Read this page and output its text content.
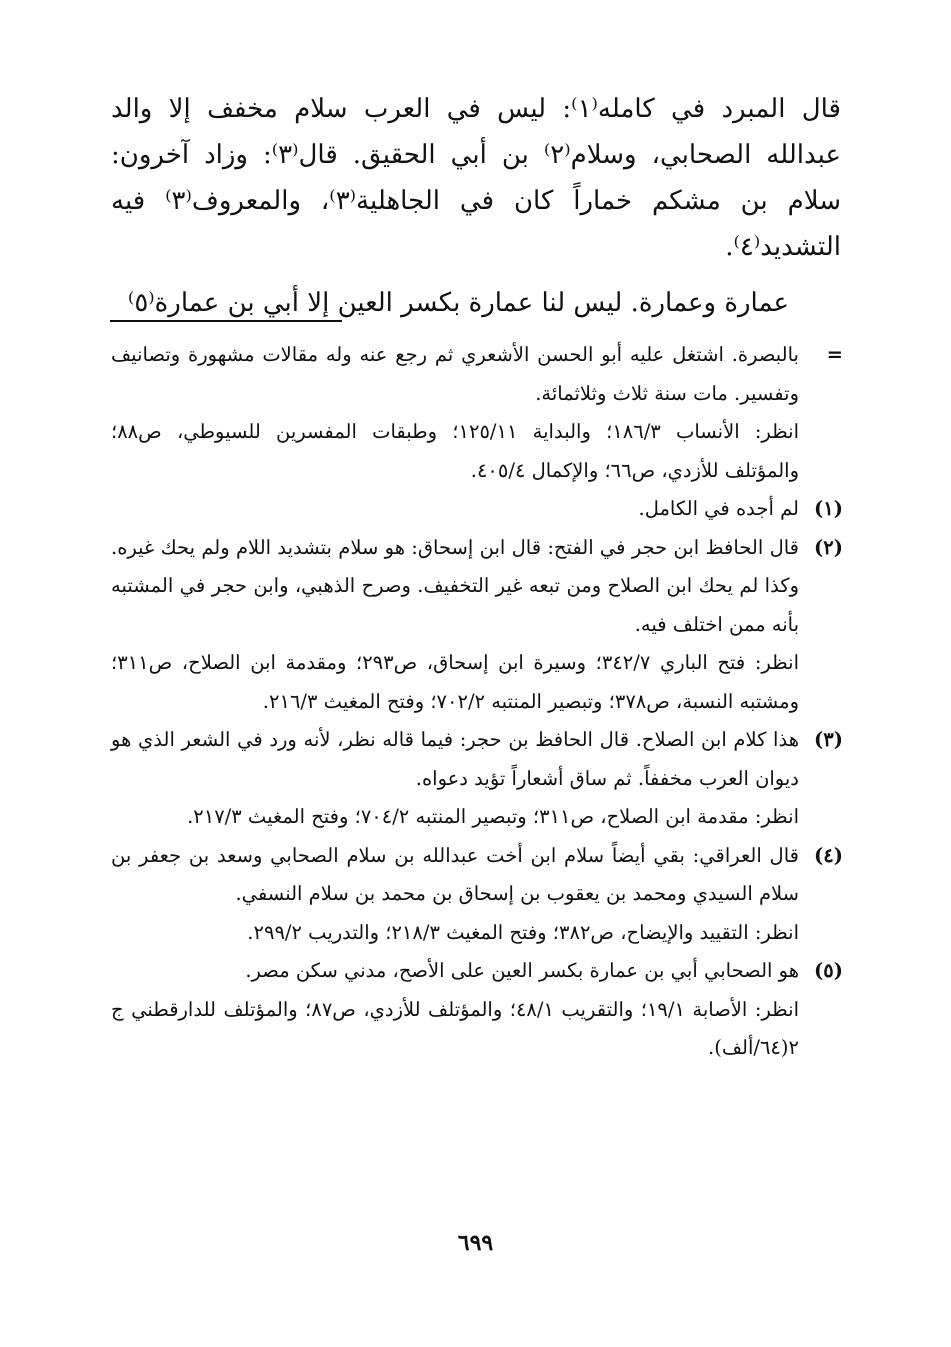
قال المبرد في كامله⁽١⁾: ليس في العرب سلام مخفف إلا والد عبدالله الصحابي، وسلام⁽٢⁾ بن أبي الحقيق. قال⁽٣⁾: وزاد آخرون: سلام بن مشكم خماراً كان في الجاهلية⁽٣⁾، والمعروف⁽٣⁾ فيه التشديد⁽٤⁾.

عمارة وعمارة. ليس لنا عمارة بكسر العين إلا أبي بن عمارة⁽٥⁾

=

بالبصرة. اشتغل عليه أبو الحسن الأشعري ثم رجع عنه وله مقالات مشهورة وتصانيف وتفسير. مات سنة ثلاث وثلاثمائة.

انظر: الأنساب ١٨٦/٣؛ والبداية ١٢٥/١١؛ وطبقات المفسرين للسيوطي، ص٨٨؛ والمؤتلف للأزدي، ص٦٦؛ والإكمال ٤٠٥/٤.

(١)

لم أجده في الكامل.

(٢)

قال الحافظ ابن حجر في الفتح: قال ابن إسحاق: هو سلام بتشديد اللام ولم يحك غيره. وكذا لم يحك ابن الصلاح ومن تبعه غير التخفيف. وصرح الذهبي، وابن حجر في المشتبه بأنه ممن اختلف فيه.

انظر: فتح الباري ٣٤٢/٧؛ وسيرة ابن إسحاق، ص٢٩٣؛ ومقدمة ابن الصلاح، ص٣١١؛ ومشتبه النسبة، ص٣٧٨؛ وتبصير المنتبه ٧٠٢/٢؛ وفتح المغيث ٢١٦/٣.

(٣)

هذا كلام ابن الصلاح. قال الحافظ بن حجر: فيما قاله نظر، لأنه ورد في الشعر الذي هو ديوان العرب مخففاً. ثم ساق أشعاراً تؤيد دعواه.

انظر: مقدمة ابن الصلاح، ص٣١١؛ وتبصير المنتبه ٧٠٤/٢؛ وفتح المغيث ٢١٧/٣.

(٤)

قال العراقي: بقي أيضاً سلام ابن أخت عبدالله بن سلام الصحابي وسعد بن جعفر بن سلام السيدي ومحمد بن يعقوب بن إسحاق بن محمد بن سلام النسفي.

انظر: التقييد والإيضاح، ص٣٨٢؛ وفتح المغيث ٢١٨/٣؛ والتدريب ٢٩٩/٢.

(٥)

هو الصحابي أبي بن عمارة بكسر العين على الأصح، مدني سكن مصر.

انظر: الأصابة ١٩/١؛ والتقريب ٤٨/١؛ والمؤتلف للأزدي، ص٨٧؛ والمؤتلف للدارقطني ج ٢(٦٤/ألف).

٦٩٩
